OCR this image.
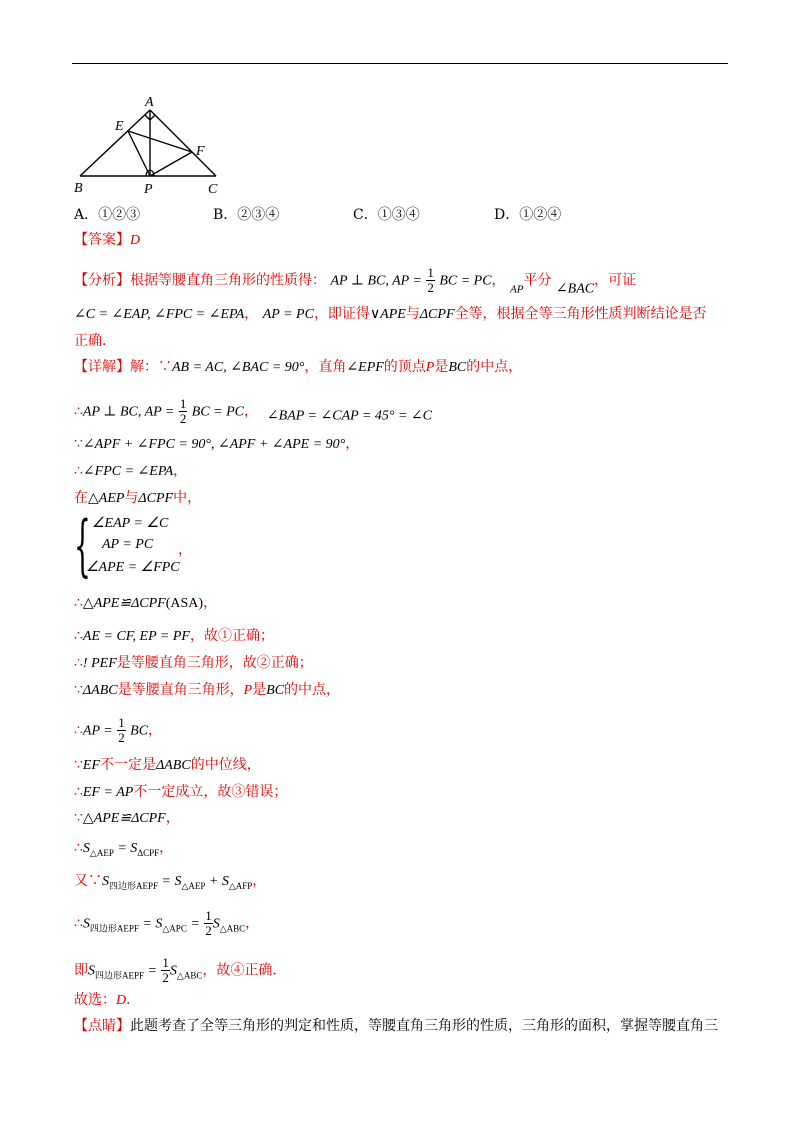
A
E
F
B	P	C
A．①②③	B．②③④	C．①③④	D．①②④
【答案】D
【分析】根据等腰直角三角形的性质得： AP ⊥ BC, AP = $\frac{1}{2}$ BC = PC， $_{AP}$平分 ∠BAC，可证
∠C = ∠EAP, ∠FPC = ∠EPA， AP = PC，即证得∨APE与ΔCPF全等，根据全等三角形性质判断结论是否
正确．
【详解】解：∵AB = AC, ∠BAC = 90°，直角∠EPF的顶点P是BC的中点，
∴AP ⊥ BC, AP = $\frac{1}{2}$ BC = PC， ∠BAP = ∠CAP = 45° = ∠C
∵∠APF + ∠FPC = 90°, ∠APF + ∠APE = 90°，
∴∠FPC = ∠EPA，
在△AEP与ΔCPF中，
{ ∠EAP = ∠C
AP = PC
∠APE = ∠FPC
，
∴△APE≌ΔCPF(ASA)，
∴AE = CF, EP = PF，故①正确；
∴! PEF是等腰直角三角形，故②正确；
∵ΔABC是等腰直角三角形，P是BC的中点，
∴AP = $\frac{1}{2}$ BC，
∵EF不一定是ΔABC的中位线，
∴EF = AP不一定成立，故③错误；
∵△APE≌ΔCPF，
$\therefore S_{\triangle AEP} = S_{\Delta CPF}$，
又$\because S_{四边形AEPF} = S_{\triangle AEP} + S_{\triangle AFP}$，
$\therefore S_{四边形AEPF} = S_{\triangle APC} = \frac{1}{2} S_{\triangle ABC}$，
即$S_{四边形AEPF} = \frac{1}{2} S_{\triangle ABC}$，故④正确．
故选：D．
【点睛】此题考查了全等三角形的判定和性质，等腰直角三角形的性质，三角形的面积，掌握等腰直角三
